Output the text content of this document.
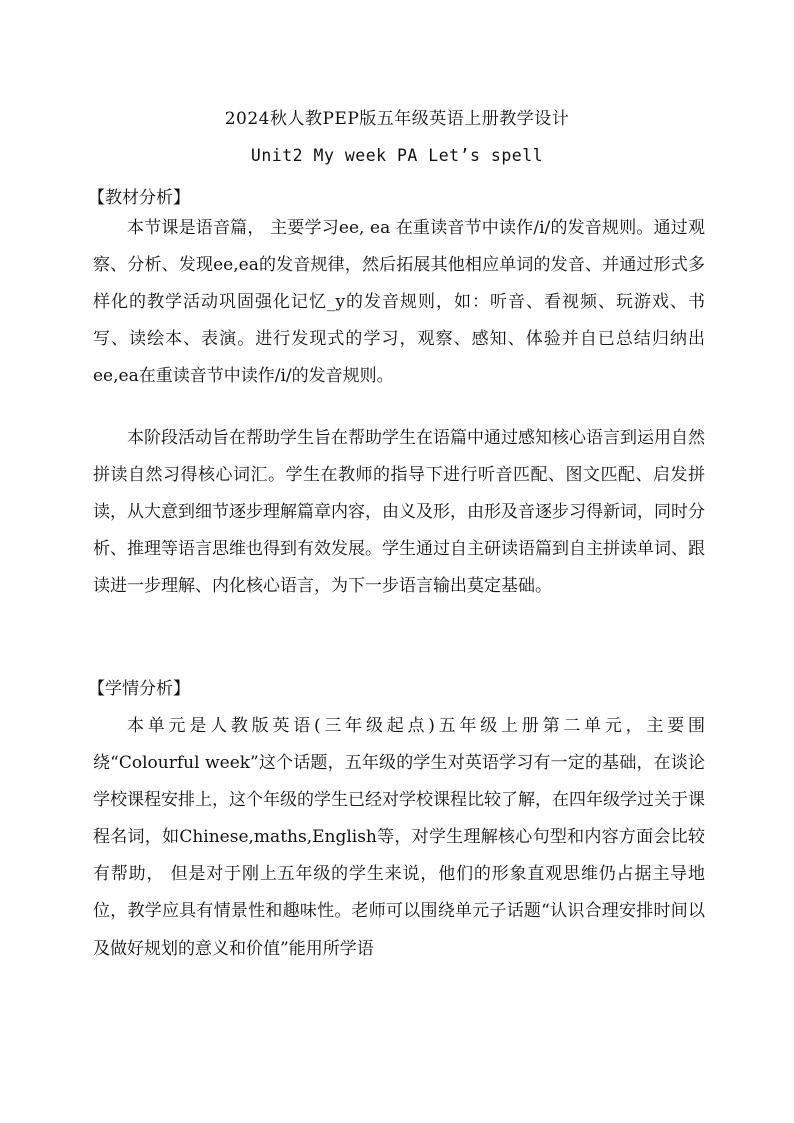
2024秋人教PEP版五年级英语上册教学设计
Unit2 My week PA Let’s spell
【教材分析】

本节课是语音篇， 主要学习ee, ea 在重读音节中读作/i/的发音规则。通过观察、分析、发现ee,ea的发音规律，然后拓展其他相应单词的发音、并通过形式多样化的教学活动巩固强化记忆_y的发音规则，如：听音、看视频、玩游戏、书写、读绘本、表演。进行发现式的学习，观察、感知、体验并自已总结归纳出ee,ea在重读音节中读作/i/的发音规则。

本阶段活动旨在帮助学生旨在帮助学生在语篇中通过感知核心语言到运用自然拼读自然习得核心词汇。学生在教师的指导下进行听音匹配、图文匹配、启发拼读，从大意到细节逐步理解篇章内容，由义及形，由形及音逐步习得新词，同时分析、推理等语言思维也得到有效发展。学生通过自主研读语篇到自主拼读单词、跟读进一步理解、内化核心语言，为下一步语言输出莫定基础。

【学情分析】

本单元是人教版英语(三年级起点)五年级上册第二单元，主要围绕“Colourful week”这个话题，五年级的学生对英语学习有一定的基础，在谈论学校课程安排上，这个年级的学生已经对学校课程比较了解，在四年级学过关于课程名词，如Chinese,maths,English等，对学生理解核心句型和内容方面会比较有帮助， 但是对于刚上五年级的学生来说，他们的形象直观思维仍占据主导地位，教学应具有情景性和趣味性。老师可以围绕单元子话题“认识合理安排时间以及做好规划的意义和价值”能用所学语
